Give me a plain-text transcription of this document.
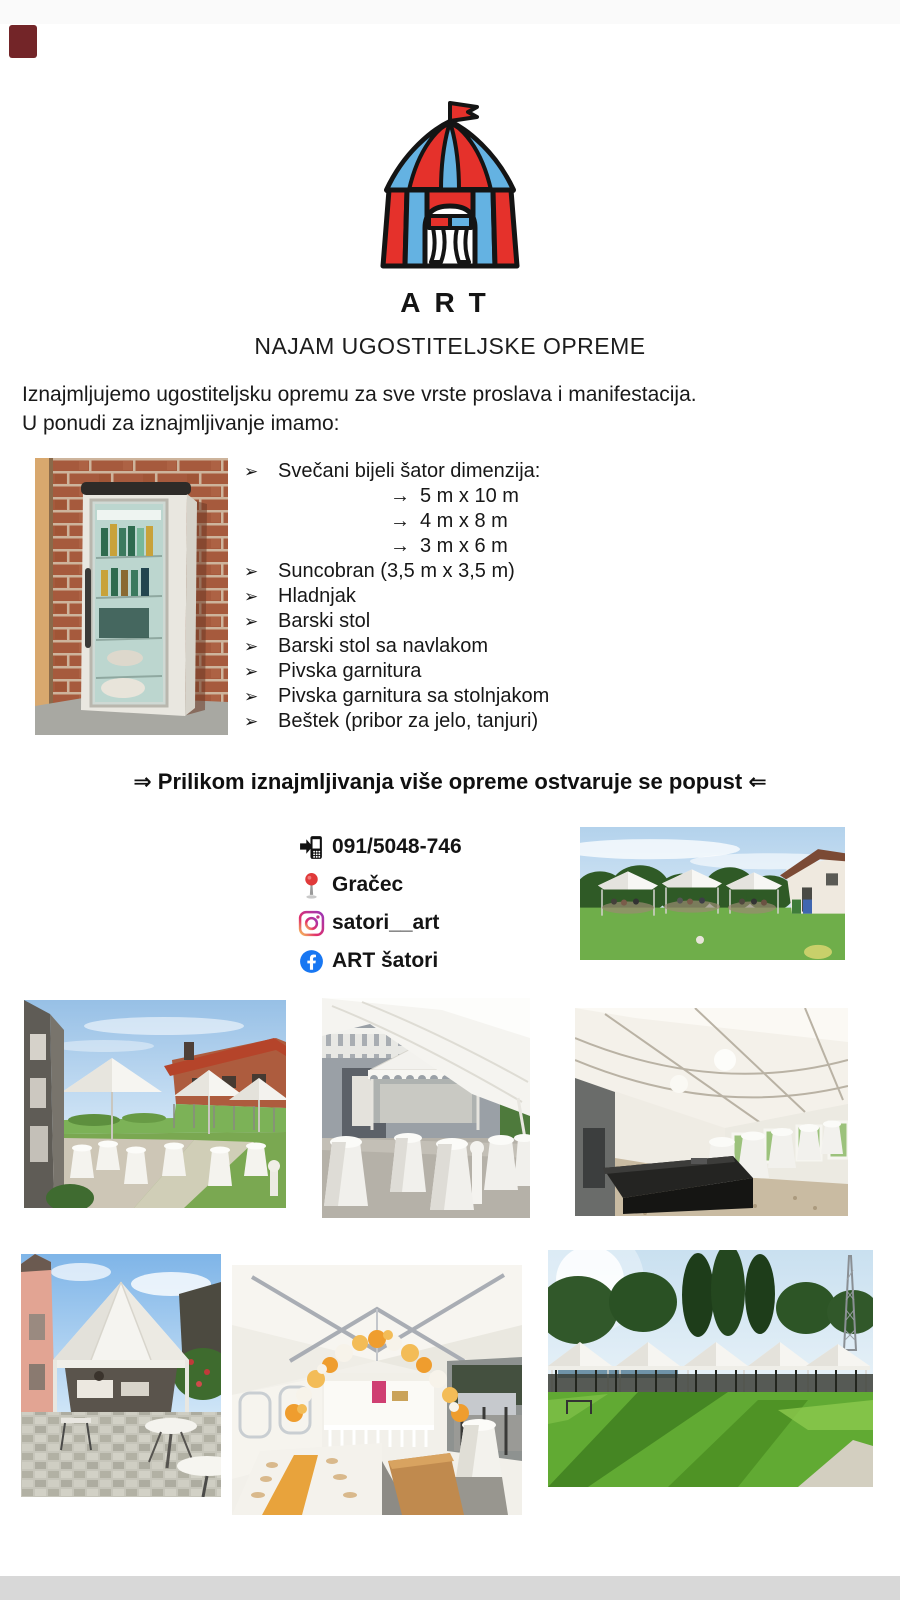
ART
NAJAM UGOSTITELJSKE OPREME
Iznajmljujemo ugostiteljsku opremu za sve vrste proslava i manifestacija.
U ponudi za iznajmljivanje imamo:
➢ Svečani bijeli šator dimenzija:
→ 5 m x 10 m
→ 4 m x 8 m
→ 3 m x 6 m
➢ Suncobran (3,5 m x 3,5 m)
➢ Hladnjak
➢ Barski stol
➢ Barski stol sa navlakom
➢ Pivska garnitura
➢ Pivska garnitura sa stolnjakom
➢ Beštek (pribor za jelo, tanjuri)
⇒ Prilikom iznajmljivanja više opreme ostvaruje se popust ⇐
091/5048-746
Gračec
satori__art
ART šatori
